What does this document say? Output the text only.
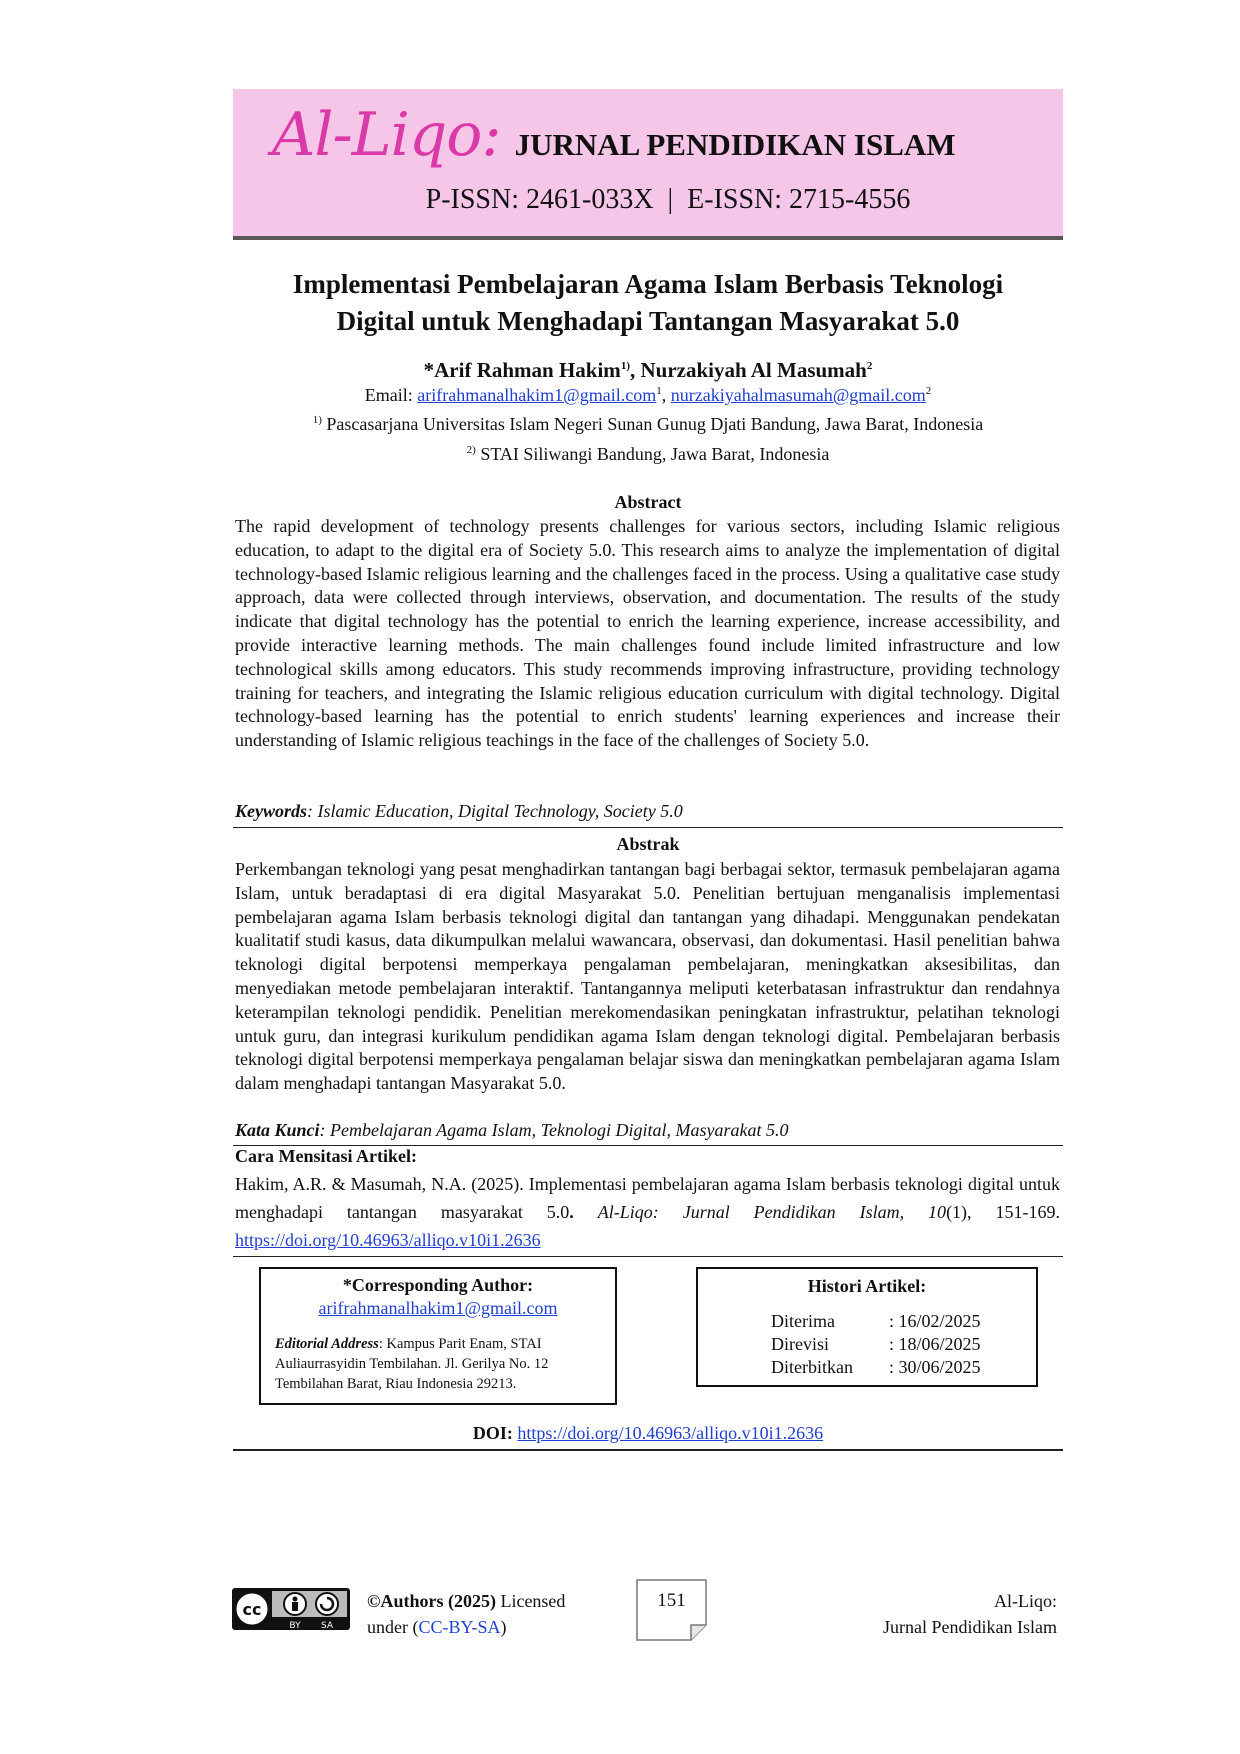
Al-Liqo: JURNAL PENDIDIKAN ISLAM
P-ISSN: 2461-033X  |  E-ISSN: 2715-4556
Implementasi Pembelajaran Agama Islam Berbasis Teknologi
Digital untuk Menghadapi Tantangan Masyarakat 5.0
*Arif Rahman Hakim$^{1)}$, Nurzakiyah Al Masumah$^2$
Email: arifrahmanalhakim1@gmail.com$^1$, nurzakiyahalmasumah@gmail.com$^2$
$^{1)}$ Pascasarjana Universitas Islam Negeri Sunan Gunug Djati Bandung, Jawa Barat, Indonesia
$^{2)}$ STAI Siliwangi Bandung, Jawa Barat, Indonesia
Abstract
The rapid development of technology presents challenges for various sectors, including Islamic religious education, to adapt to the digital era of Society 5.0. This research aims to analyze the implementation of digital technology-based Islamic religious learning and the challenges faced in the process. Using a qualitative case study approach, data were collected through interviews, observation, and documentation. The results of the study indicate that digital technology has the potential to enrich the learning experience, increase accessibility, and provide interactive learning methods. The main challenges found include limited infrastructure and low technological skills among educators. This study recommends improving infrastructure, providing technology training for teachers, and integrating the Islamic religious education curriculum with digital technology. Digital technology-based learning has the potential to enrich students' learning experiences and increase their understanding of Islamic religious teachings in the face of the challenges of Society 5.0.
Keywords: Islamic Education, Digital Technology, Society 5.0
Abstrak
Perkembangan teknologi yang pesat menghadirkan tantangan bagi berbagai sektor, termasuk pembelajaran agama Islam, untuk beradaptasi di era digital Masyarakat 5.0. Penelitian bertujuan menganalisis implementasi pembelajaran agama Islam berbasis teknologi digital dan tantangan yang dihadapi. Menggunakan pendekatan kualitatif studi kasus, data dikumpulkan melalui wawancara, observasi, dan dokumentasi. Hasil penelitian bahwa teknologi digital berpotensi memperkaya pengalaman pembelajaran, meningkatkan aksesibilitas, dan menyediakan metode pembelajaran interaktif. Tantangannya meliputi keterbatasan infrastruktur dan rendahnya keterampilan teknologi pendidik. Penelitian merekomendasikan peningkatan infrastruktur, pelatihan teknologi untuk guru, dan integrasi kurikulum pendidikan agama Islam dengan teknologi digital. Pembelajaran berbasis teknologi digital berpotensi memperkaya pengalaman belajar siswa dan meningkatkan pembelajaran agama Islam dalam menghadapi tantangan Masyarakat 5.0.
Kata Kunci: Pembelajaran Agama Islam, Teknologi Digital, Masyarakat 5.0
Cara Mensitasi Artikel:
Hakim, A.R. & Masumah, N.A. (2025). Implementasi pembelajaran agama Islam berbasis teknologi digital untuk menghadapi tantangan masyarakat 5.0. Al-Liqo: Jurnal Pendidikan Islam, 10(1), 151-169. https://doi.org/10.46963/alliqo.v10i1.2636
*Corresponding Author:
arifrahmanalhakim1@gmail.com
Editorial Address: Kampus Parit Enam, STAI Auliaurrasyidin Tembilahan. Jl. Gerilya No. 12 Tembilahan Barat, Riau Indonesia 29213.
Histori Artikel:
Diterima	: 16/02/2025
Direvisi	: 18/06/2025
Diterbitkan : 30/06/2025
DOI: https://doi.org/10.46963/alliqo.v10i1.2636
cc
BY SA
©Authors (2025) Licensed
under (CC-BY-SA)
151	Al-Liqo:
Jurnal Pendidikan Islam
